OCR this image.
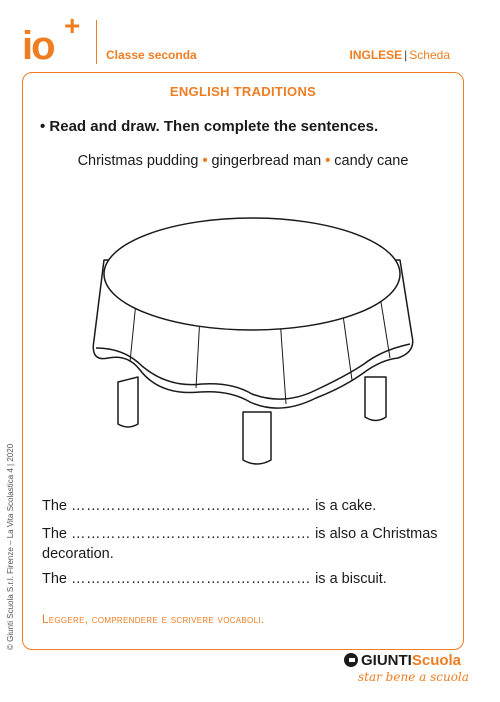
io +
Classe seconda	INGLESE | Scheda
ENGLISH TRADITIONS
• Read and draw. Then complete the sentences.
Christmas pudding • gingerbread man • candy cane
The ………………………………………… is a cake.
The ………………………………………… is also a Christmas decoration.
The ………………………………………… is a biscuit.
Leggere, comprendere e scrivere vocaboli.
© Giunti Scuola S.r.l. Firenze – La Vita Scolastica 4 | 2020
GIUNTIScuola
star bene a scuola
